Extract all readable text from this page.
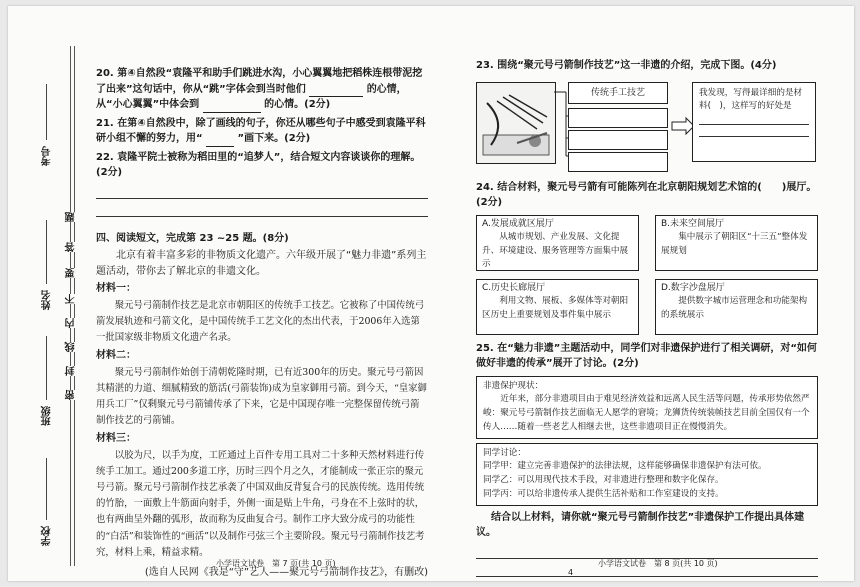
考号
姓名
班级
学校
题
答
要
不
内
线
封
密

20. 第④自然段“袁隆平和助手们跳进水沟，小心翼翼地把稻株连根带泥挖了出来”这句话中，你从“跳”字体会到当时他们	的心情，从“小心翼翼”中体会到	的心情。(2分)

21. 在第④自然段中，除了画线的句子，你还从哪些句子中感受到袁隆平科研小组不懈的努力，用“	”画下来。(2分)

22. 袁隆平院士被称为稻田里的“追梦人”，结合短文内容谈谈你的理解。(2分)

四、阅读短文，完成第 23 ~25 题。(8分)

北京有着丰富多彩的非物质文化遗产。六年级开展了“魅力非遗”系列主题活动，带你去了解北京的非遗文化。

材料一：

聚元号弓箭制作技艺是北京市朝阳区的传统手工技艺。它被称了中国传统弓箭发展轨迹和弓箭文化，是中国传统手工艺文化的杰出代表，于2006年入选第一批国家级非物质文化遗产名录。

材料二：

聚元号弓箭制作始创于清朝乾隆时期，已有近300年的历史。聚元号弓箭因其精湛的力道、细腻精致的筋活(弓箭装饰)成为皇家御用弓箭。到今天，“皇家御用兵工厂”仅剩聚元号弓箭铺传承了下来，它是中国现存唯一完整保留传统弓箭制作技艺的弓箭铺。

材料三：

以胶为尺，以手为度，工匠通过上百件专用工具对二十多种天然材料进行传统手工加工。通过200多道工序，历时三四个月之久，才能制成一张正宗的聚元号弓箭。聚元号弓箭制作技艺承袭了中国双曲反背复合弓的民族传统。选用传统的竹胎，一面敷上牛筋面向射手，外侧一面是贴上牛角，弓身在不上弦时的状，也有两曲呈外翻的弧形，故而称为反曲复合弓。制作工序大致分成弓的功能性的“白活”和装饰性的“画活”以及制作弓弦三个主要阶段。聚元号弓箭制作技艺考究，材料上乘，精益求精。

(选自人民网《我是“守”艺人——聚元号弓箭制作技艺》，有删改)

小学语文试卷　第 7 页(共 10 页)

23. 围绕“聚元号弓箭制作技艺”这一非遗的介绍，完成下图。(4分)

传统手工技艺	我发现，写得最详细的是材料(　)，这样写的好处是

24. 结合材料，聚元号弓箭有可能陈列在北京朝阳规划艺术馆的(　　)展厅。(2分)

A.发展成就区展厅
从城市规划、产业发展、文化提升、环境建设、服务管理等方面集中展示
B.未来空间展厅
集中展示了朝阳区“十三五”整体发展规划
C.历史长廊展厅
利用文物、展板、多媒体等对朝阳区历史上重要规划及事件集中展示
D.数字沙盘展厅
提供数字城市运营理念和功能架构的系统展示

25. 在“魅力非遗”主题活动中，同学们对非遗保护进行了相关调研，对“如何做好非遗的传承”展开了讨论。(2分)

非遗保护现状：
近年来，部分非遗项目由于难见经济效益和远离人民生活等问题，传承形势依然严峻：聚元号弓箭制作技艺面临无人愿学的窘境；龙狮货传统装帧技艺目前全国仅有一个传人……随着一些老艺人相继去世，这些非遗项目正在慢慢消失。
同学讨论：
同学甲：建立完善非遗保护的法律法规，这样能够确保非遗保护有法可依。
同学乙：可以用现代技术手段，对非遗进行整理和数字化保存。
同学丙：可以给非遗传承人提供生活补贴和工作室建设的支持。

结合以上材料，请你就“聚元号弓箭制作技艺”非遗保护工作提出具体建议。

小学语文试卷　第 8 页(共 10 页)
4
